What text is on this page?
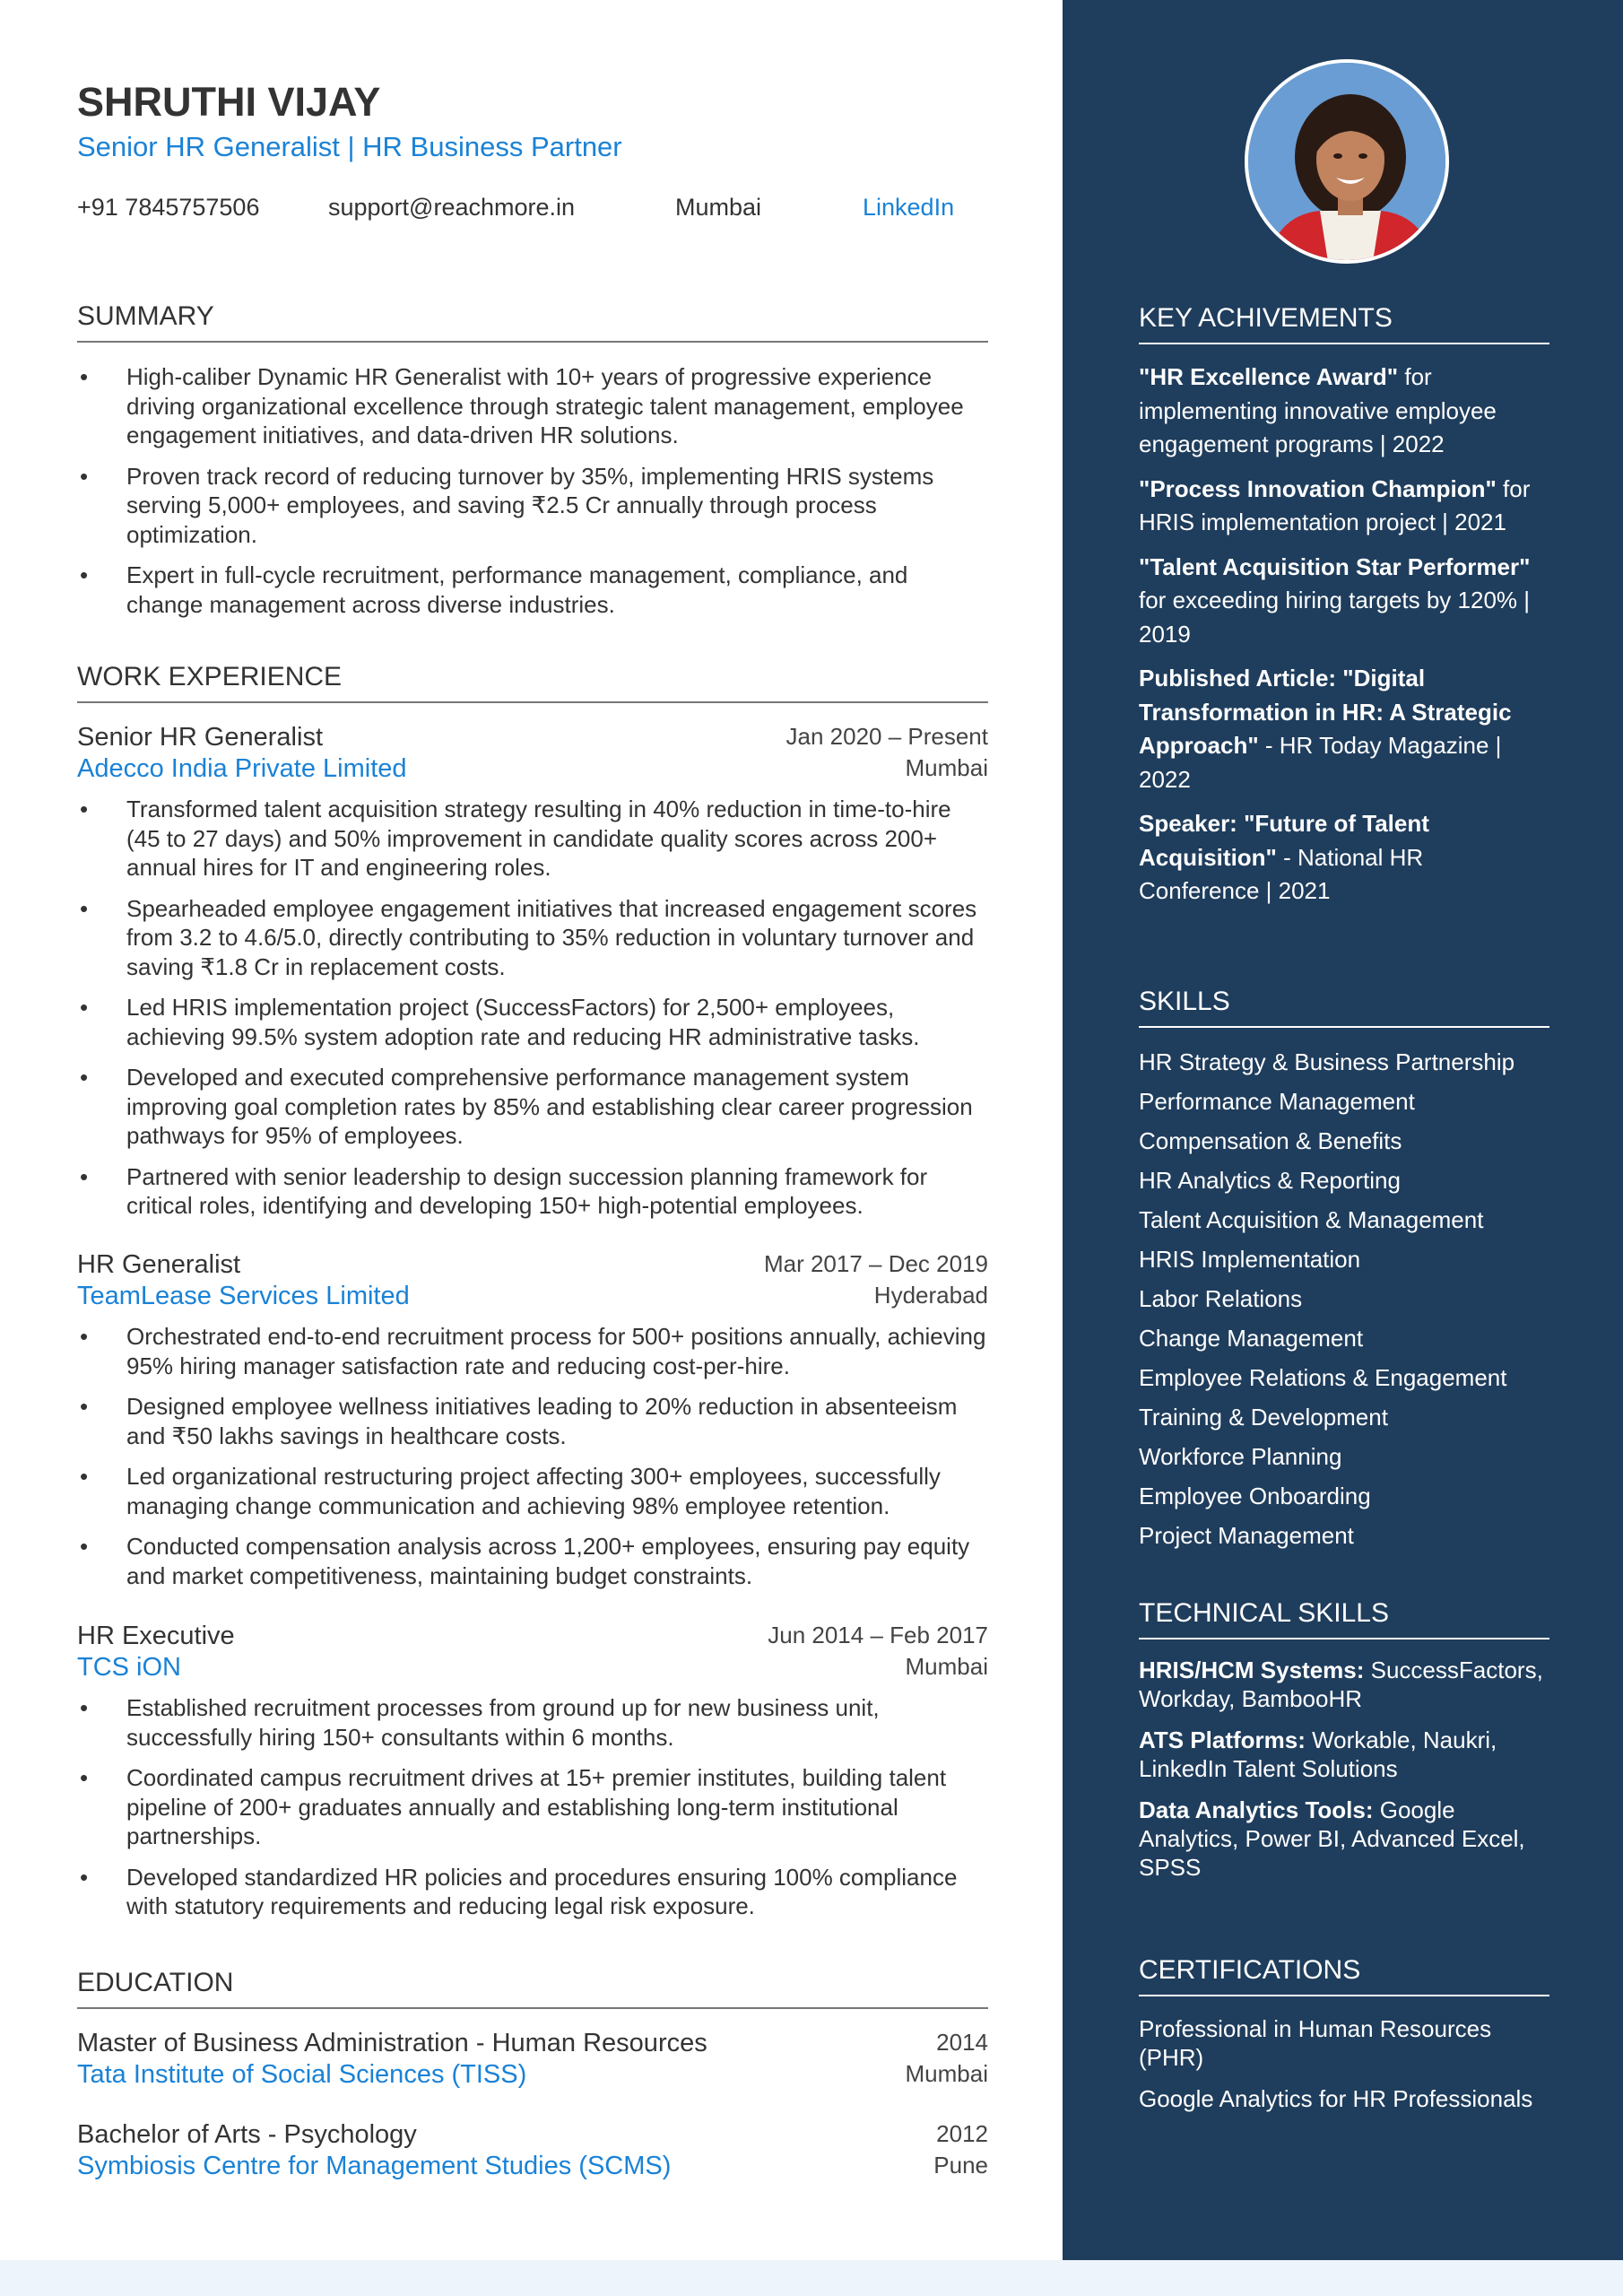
SHRUTHI VIJAY
Senior HR Generalist | HR Business Partner
+91 7845757506	support@reachmore.in	Mumbai	LinkedIn
SUMMARY
• High-caliber Dynamic HR Generalist with 10+ years of progressive experience driving organizational excellence through strategic talent management, employee engagement initiatives, and data-driven HR solutions.
• Proven track record of reducing turnover by 35%, implementing HRIS systems serving 5,000+ employees, and saving ₹2.5 Cr annually through process optimization.
• Expert in full-cycle recruitment, performance management, compliance, and change management across diverse industries.
WORK EXPERIENCE
Senior HR Generalist	Jan 2020 – Present
Adecco India Private Limited	Mumbai
• Transformed talent acquisition strategy resulting in 40% reduction in time-to-hire (45 to 27 days) and 50% improvement in candidate quality scores across 200+ annual hires for IT and engineering roles.
• Spearheaded employee engagement initiatives that increased engagement scores from 3.2 to 4.6/5.0, directly contributing to 35% reduction in voluntary turnover and saving ₹1.8 Cr in replacement costs.
• Led HRIS implementation project (SuccessFactors) for 2,500+ employees, achieving 99.5% system adoption rate and reducing HR administrative tasks.
• Developed and executed comprehensive performance management system improving goal completion rates by 85% and establishing clear career progression pathways for 95% of employees.
• Partnered with senior leadership to design succession planning framework for critical roles, identifying and developing 150+ high-potential employees.
HR Generalist	Mar 2017 – Dec 2019
TeamLease Services Limited	Hyderabad
• Orchestrated end-to-end recruitment process for 500+ positions annually, achieving 95% hiring manager satisfaction rate and reducing cost-per-hire.
• Designed employee wellness initiatives leading to 20% reduction in absenteeism and ₹50 lakhs savings in healthcare costs.
• Led organizational restructuring project affecting 300+ employees, successfully managing change communication and achieving 98% employee retention.
• Conducted compensation analysis across 1,200+ employees, ensuring pay equity and market competitiveness, maintaining budget constraints.
HR Executive	Jun 2014 – Feb 2017
TCS iON	Mumbai
• Established recruitment processes from ground up for new business unit, successfully hiring 150+ consultants within 6 months.
• Coordinated campus recruitment drives at 15+ premier institutes, building talent pipeline of 200+ graduates annually and establishing long-term institutional partnerships.
• Developed standardized HR policies and procedures ensuring 100% compliance with statutory requirements and reducing legal risk exposure.
EDUCATION
Master of Business Administration - Human Resources	2014
Tata Institute of Social Sciences (TISS)	Mumbai
Bachelor of Arts - Psychology	2012
Symbiosis Centre for Management Studies (SCMS)	Pune
KEY ACHIVEMENTS

"HR Excellence Award" for implementing innovative employee engagement programs | 2022

"Process Innovation Champion" for HRIS implementation project | 2021

"Talent Acquisition Star Performer" for exceeding hiring targets by 120% | 2019

Published Article: "Digital Transformation in HR: A Strategic Approach" - HR Today Magazine | 2022

Speaker: "Future of Talent Acquisition" - National HR Conference | 2021

SKILLS
HR Strategy & Business Partnership
Performance Management
Compensation & Benefits
HR Analytics & Reporting
Talent Acquisition & Management
HRIS Implementation
Labor Relations
Change Management
Employee Relations & Engagement
Training & Development
Workforce Planning
Employee Onboarding
Project Management
TECHNICAL SKILLS

HRIS/HCM Systems: SuccessFactors, Workday, BambooHR

ATS Platforms: Workable, Naukri, LinkedIn Talent Solutions

Data Analytics Tools: Google Analytics, Power BI, Advanced Excel, SPSS

CERTIFICATIONS

Professional in Human Resources (PHR)

Google Analytics for HR Professionals
